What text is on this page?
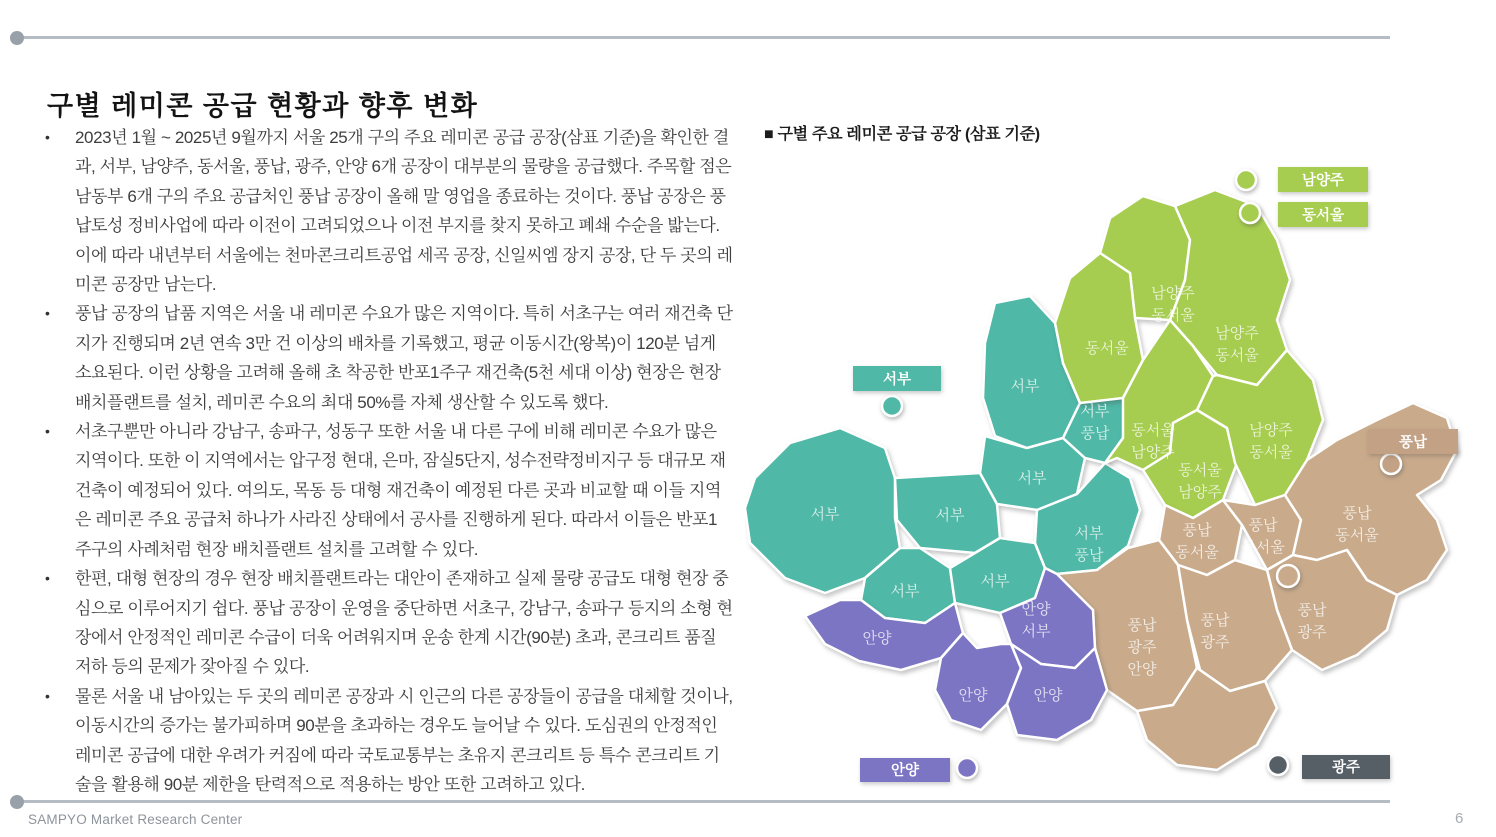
구별 레미콘 공급 현황과 향후 변화
•	2023년 1월 ~ 2025년 9월까지 서울 25개 구의 주요 레미콘 공급 공장(삼표 기준)을 확인한 결과, 서부, 남양주, 동서울, 풍납, 광주, 안양 6개 공장이 대부분의 물량을 공급했다. 주목할 점은 남동부 6개 구의 주요 공급처인 풍납 공장이 올해 말 영업을 종료하는 것이다. 풍납 공장은 풍납토성 정비사업에 따라 이전이 고려되었으나 이전 부지를 찾지 못하고 폐쇄 수순을 밟는다. 이에 따라 내년부터 서울에는 천마콘크리트공업 세곡 공장, 신일씨엠 장지 공장, 단 두 곳의 레미콘 공장만 남는다.

•	풍납 공장의 납품 지역은 서울 내 레미콘 수요가 많은 지역이다. 특히 서초구는 여러 재건축 단지가 진행되며 2년 연속 3만 건 이상의 배차를 기록했고, 평균 이동시간(왕복)이 120분 넘게 소요된다. 이런 상황을 고려해 올해 초 착공한 반포1주구 재건축(5천 세대 이상) 현장은 현장 배치플랜트를 설치, 레미콘 수요의 최대 50%를 자체 생산할 수 있도록 했다.

•	서초구뿐만 아니라 강남구, 송파구, 성동구 또한 서울 내 다른 구에 비해 레미콘 수요가 많은 지역이다. 또한 이 지역에서는 압구정 현대, 은마, 잠실5단지, 성수전략정비지구 등 대규모 재건축이 예정되어 있다. 여의도, 목동 등 대형 재건축이 예정된 다른 곳과 비교할 때 이들 지역은 레미콘 주요 공급처 하나가 사라진 상태에서 공사를 진행하게 된다. 따라서 이들은 반포1주구의 사례처럼 현장 배치플랜트 설치를 고려할 수 있다.

•	한편, 대형 현장의 경우 현장 배치플랜트라는 대안이 존재하고 실제 물량 공급도 대형 현장 중심으로 이루어지기 쉽다. 풍납 공장이 운영을 중단하면 서초구, 강남구, 송파구 등지의 소형 현장에서 안정적인 레미콘 수급이 더욱 어려워지며 운송 한계 시간(90분) 초과, 콘크리트 품질 저하 등의 문제가 잦아질 수 있다.

•	물론 서울 내 남아있는 두 곳의 레미콘 공장과 시 인근의 다른 공장들이 공급을 대체할 것이나, 이동시간의 증가는 불가피하며 90분을 초과하는 경우도 늘어날 수 있다. 도심권의 안정적인 레미콘 공급에 대한 우려가 커짐에 따라 국토교통부는 초유지 콘크리트 등 특수 콘크리트 기술을 활용해 90분 제한을 탄력적으로 적용하는 방안 또한 고려하고 있다.

■ 구별 주요 레미콘 공급 공장 (삼표 기준)
서부
서부	서부
서부
서부
풍납
서부
서부
서부
풍납
남양주
동서울
동서울
남양주
동서울
동서울
남양주
동서울
남양주
남양주
동서울
풍납
동서울
풍납
동서울
풍납
동서울
풍납
광주
풍납
광주
풍납
광주
안양
안양
안양
서부
안양	안양
남양주
동서울
서부
풍납
안양	광주
SAMPYO Market Research Center	6
